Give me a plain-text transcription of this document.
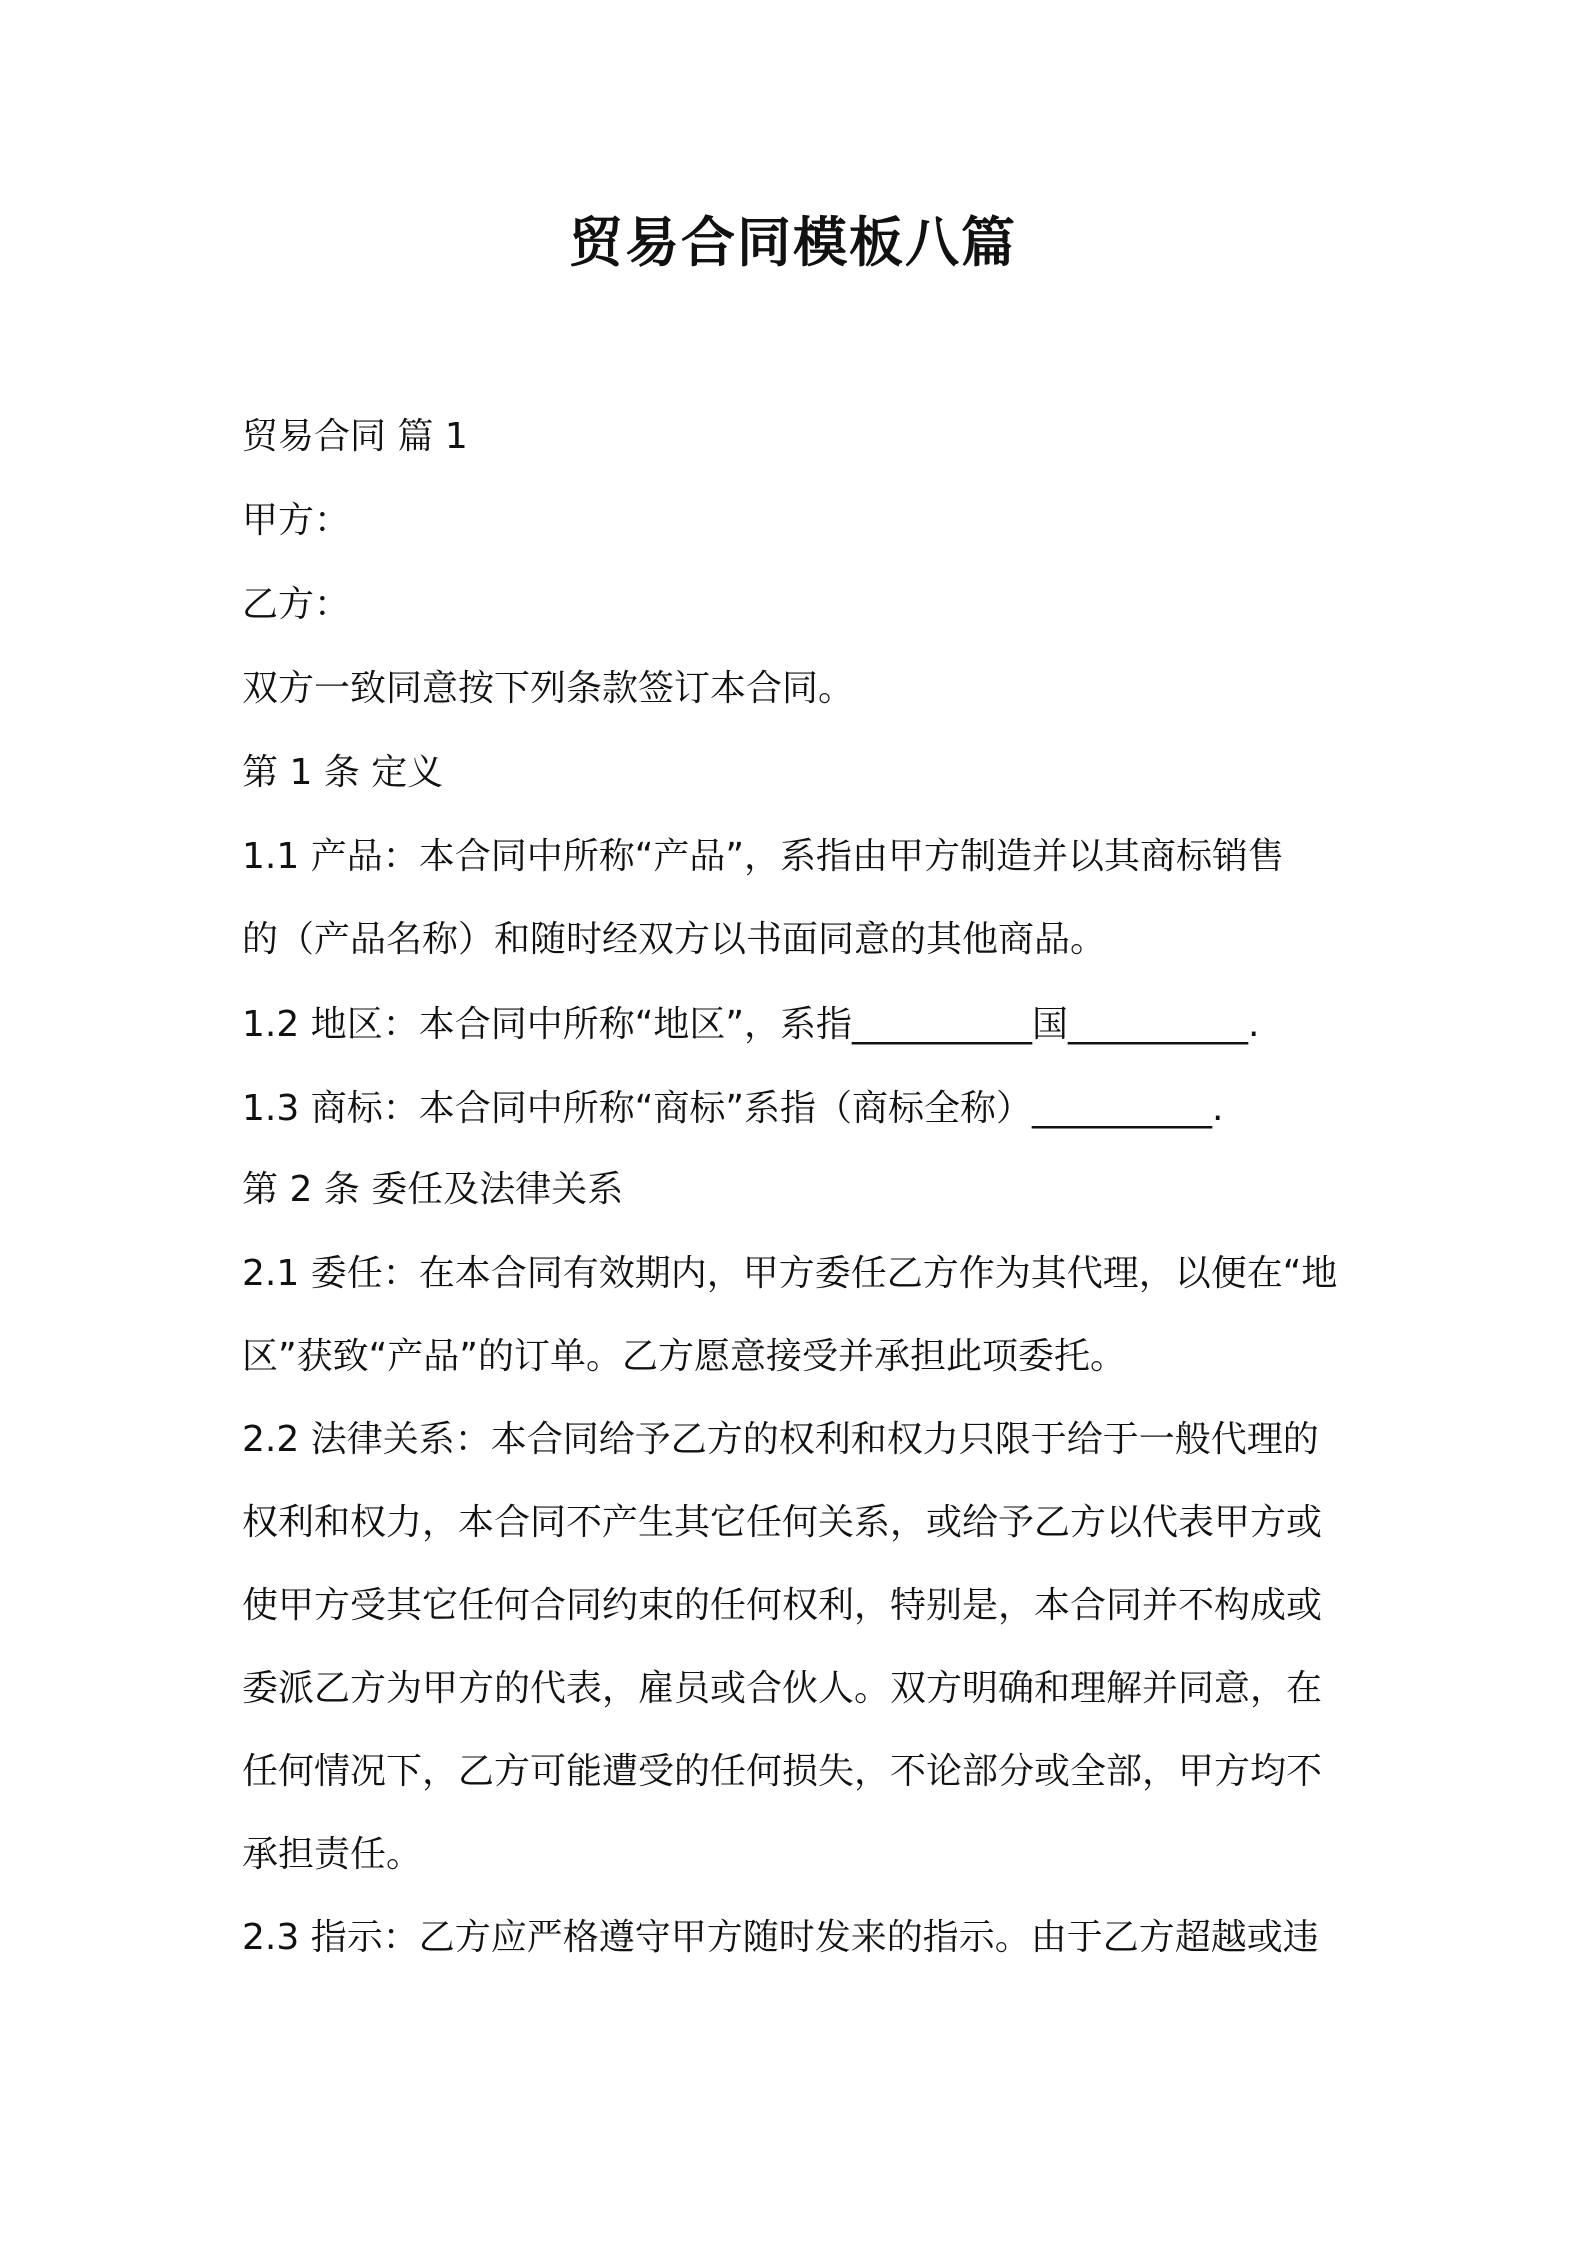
贸易合同模板八篇

贸易合同 篇 1

甲方：

乙方：

双方一致同意按下列条款签订本合同。

第 1 条 定义

1.1 产品：本合同中所称“产品”，系指由甲方制造并以其商标销售

的（产品名称）和随时经双方以书面同意的其他商品。

1.2 地区：本合同中所称“地区”，系指__________国__________.

1.3 商标：本合同中所称“商标”系指（商标全称）__________.

第 2 条 委任及法律关系

2.1 委任：在本合同有效期内，甲方委任乙方作为其代理，以便在“地

区”获致“产品”的订单。乙方愿意接受并承担此项委托。

2.2 法律关系：本合同给予乙方的权利和权力只限于给于一般代理的

权利和权力，本合同不产生其它任何关系，或给予乙方以代表甲方或

使甲方受其它任何合同约束的任何权利，特别是，本合同并不构成或

委派乙方为甲方的代表，雇员或合伙人。双方明确和理解并同意，在

任何情况下，乙方可能遭受的任何损失，不论部分或全部，甲方均不

承担责任。

2.3 指示：乙方应严格遵守甲方随时发来的指示。由于乙方超越或违
